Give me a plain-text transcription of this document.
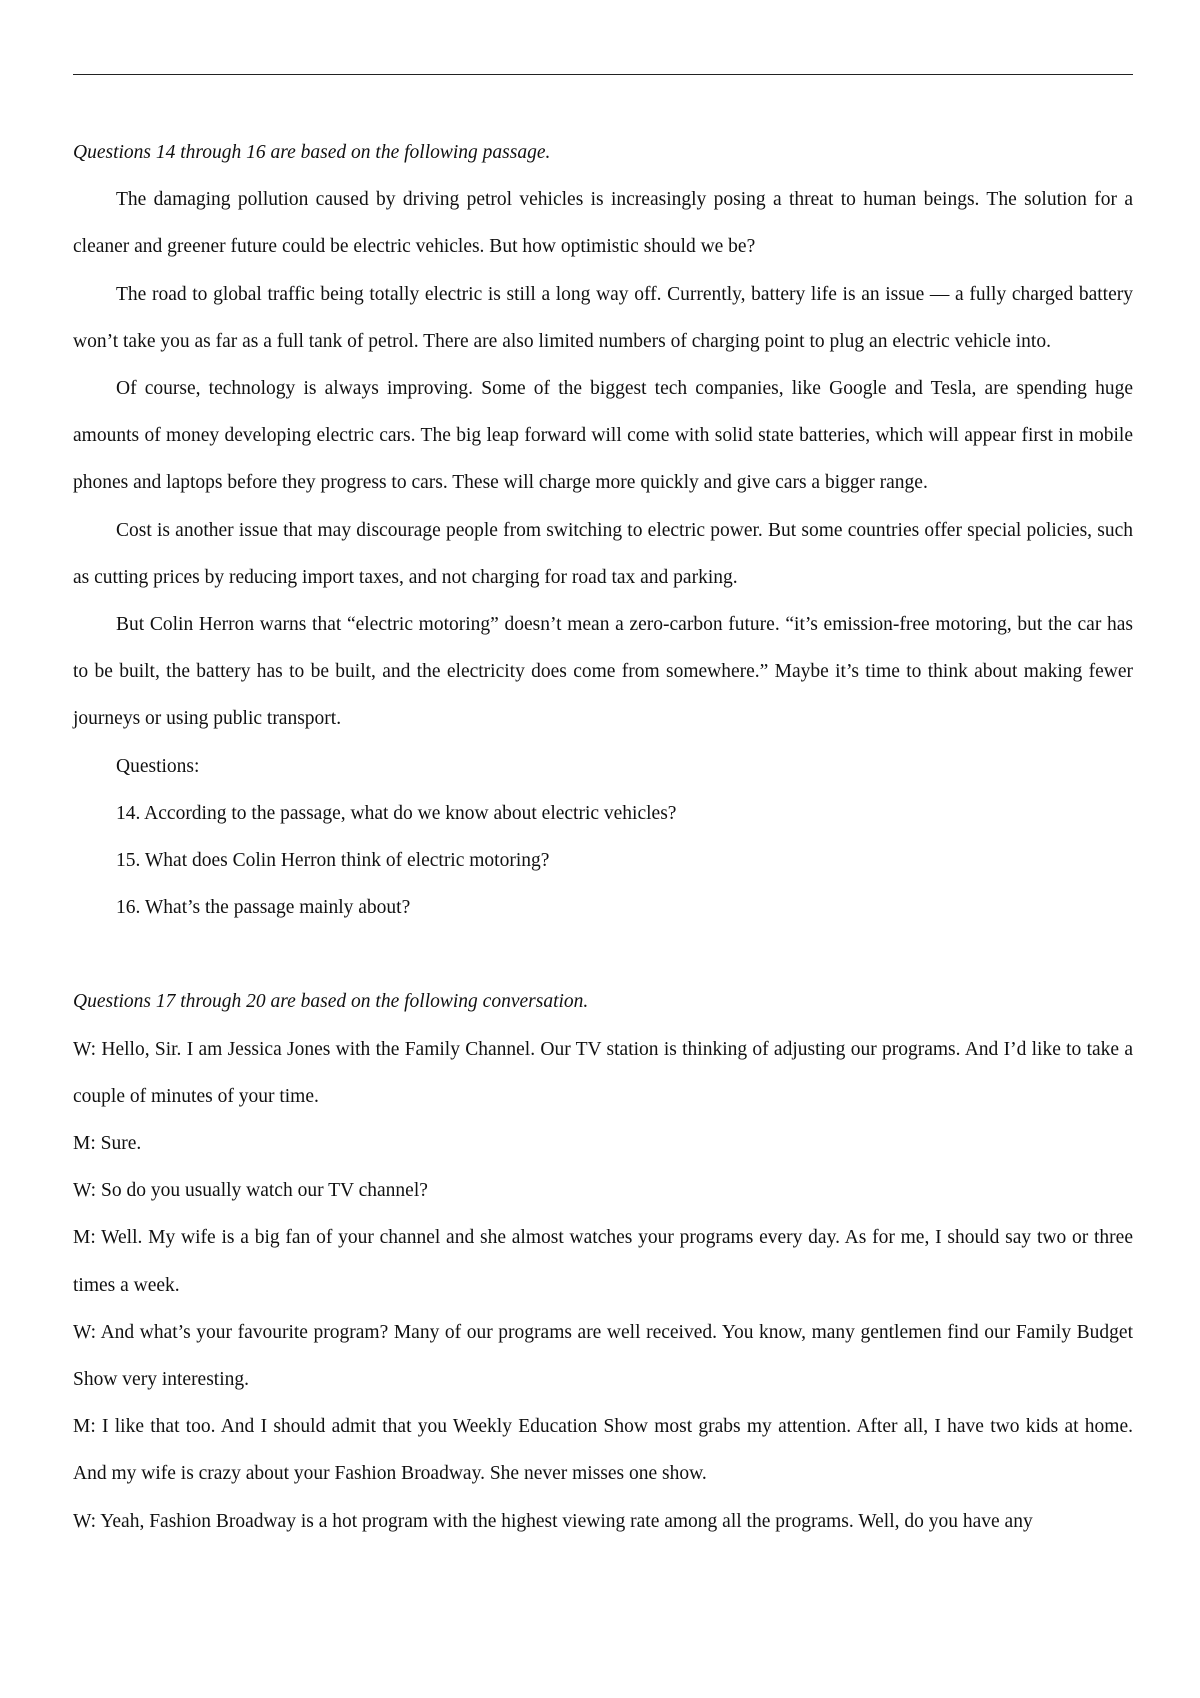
Questions 14 through 16 are based on the following passage.

The damaging pollution caused by driving petrol vehicles is increasingly posing a threat to human beings. The solution for a cleaner and greener future could be electric vehicles. But how optimistic should we be?

The road to global traffic being totally electric is still a long way off. Currently, battery life is an issue — a fully charged battery won’t take you as far as a full tank of petrol. There are also limited numbers of charging point to plug an electric vehicle into.

Of course, technology is always improving. Some of the biggest tech companies, like Google and Tesla, are spending huge amounts of money developing electric cars. The big leap forward will come with solid state batteries, which will appear first in mobile phones and laptops before they progress to cars. These will charge more quickly and give cars a bigger range.

Cost is another issue that may discourage people from switching to electric power. But some countries offer special policies, such as cutting prices by reducing import taxes, and not charging for road tax and parking.

But Colin Herron warns that “electric motoring” doesn’t mean a zero-carbon future. “it’s emission-free motoring, but the car has to be built, the battery has to be built, and the electricity does come from somewhere.” Maybe it’s time to think about making fewer journeys or using public transport.

Questions:

14. According to the passage, what do we know about electric vehicles?

15. What does Colin Herron think of electric motoring?

16. What’s the passage mainly about?

Questions 17 through 20 are based on the following conversation.

W: Hello, Sir. I am Jessica Jones with the Family Channel. Our TV station is thinking of adjusting our programs. And I’d like to take a couple of minutes of your time.

M: Sure.

W: So do you usually watch our TV channel?

M: Well. My wife is a big fan of your channel and she almost watches your programs every day. As for me, I should say two or three times a week.

W: And what’s your favourite program? Many of our programs are well received. You know, many gentlemen find our Family Budget Show very interesting.

M: I like that too. And I should admit that you Weekly Education Show most grabs my attention. After all, I have two kids at home. And my wife is crazy about your Fashion Broadway. She never misses one show.

W: Yeah, Fashion Broadway is a hot program with the highest viewing rate among all the programs. Well, do you have any
